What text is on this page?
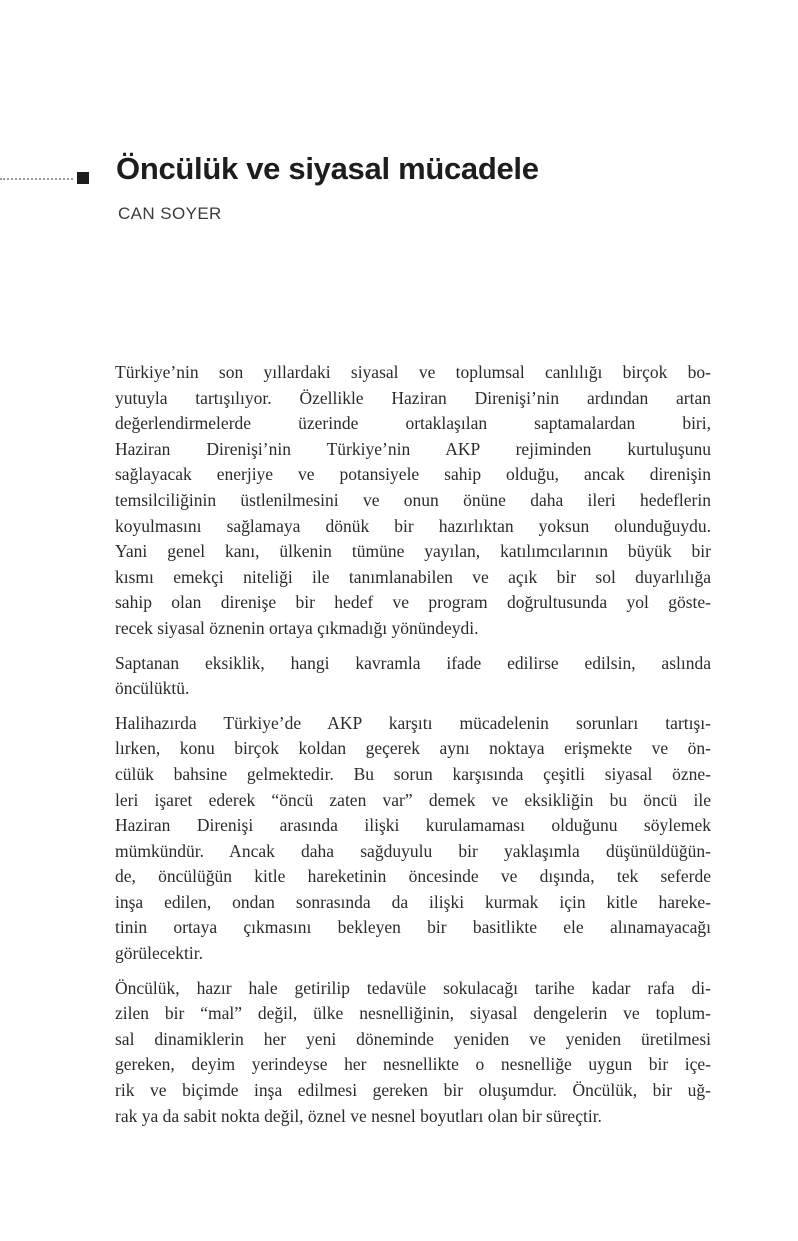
Öncülük ve siyasal mücadele
CAN SOYER
Türkiye’nin son yıllardaki siyasal ve toplumsal canlılığı birçok bo-
yutuyla tartışılıyor. Özellikle Haziran Direnişi’nin ardından artan
değerlendirmelerde üzerinde ortaklaşılan saptamalardan biri,
Haziran Direnişi’nin Türkiye’nin AKP rejiminden kurtuluşunu
sağlayacak enerjiye ve potansiyele sahip olduğu, ancak direnişin
temsilciliğinin üstlenilmesini ve onun önüne daha ileri hedeflerin
koyulmasını sağlamaya dönük bir hazırlıktan yoksun olunduğuydu.
Yani genel kanı, ülkenin tümüne yayılan, katılımcılarının büyük bir
kısmı emekçi niteliği ile tanımlanabilen ve açık bir sol duyarlılığa
sahip olan direnişe bir hedef ve program doğrultusunda yol göste-
recek siyasal öznenin ortaya çıkmadığı yönündeydi.
Saptanan eksiklik, hangi kavramla ifade edilirse edilsin, aslında
öncülüktü.
Halihazırda Türkiye’de AKP karşıtı mücadelenin sorunları tartışı-
lırken, konu birçok koldan geçerek aynı noktaya erişmekte ve ön-
cülük bahsine gelmektedir. Bu sorun karşısında çeşitli siyasal özne-
leri işaret ederek “öncü zaten var” demek ve eksikliğin bu öncü ile
Haziran Direnişi arasında ilişki kurulamaması olduğunu söylemek
mümkündür. Ancak daha sağduyulu bir yaklaşımla düşünüldüğün-
de, öncülüğün kitle hareketinin öncesinde ve dışında, tek seferde
inşa edilen, ondan sonrasında da ilişki kurmak için kitle hareke-
tinin ortaya çıkmasını bekleyen bir basitlikte ele alınamayacağı
görülecektir.
Öncülük, hazır hale getirilip tedavüle sokulacağı tarihe kadar rafa di-
zilen bir “mal” değil, ülke nesnelliğinin, siyasal dengelerin ve toplum-
sal dinamiklerin her yeni döneminde yeniden ve yeniden üretilmesi
gereken, deyim yerindeyse her nesnellikte o nesnelliğe uygun bir içe-
rik ve biçimde inşa edilmesi gereken bir oluşumdur. Öncülük, bir uğ-
rak ya da sabit nokta değil, öznel ve nesnel boyutları olan bir süreçtir.
